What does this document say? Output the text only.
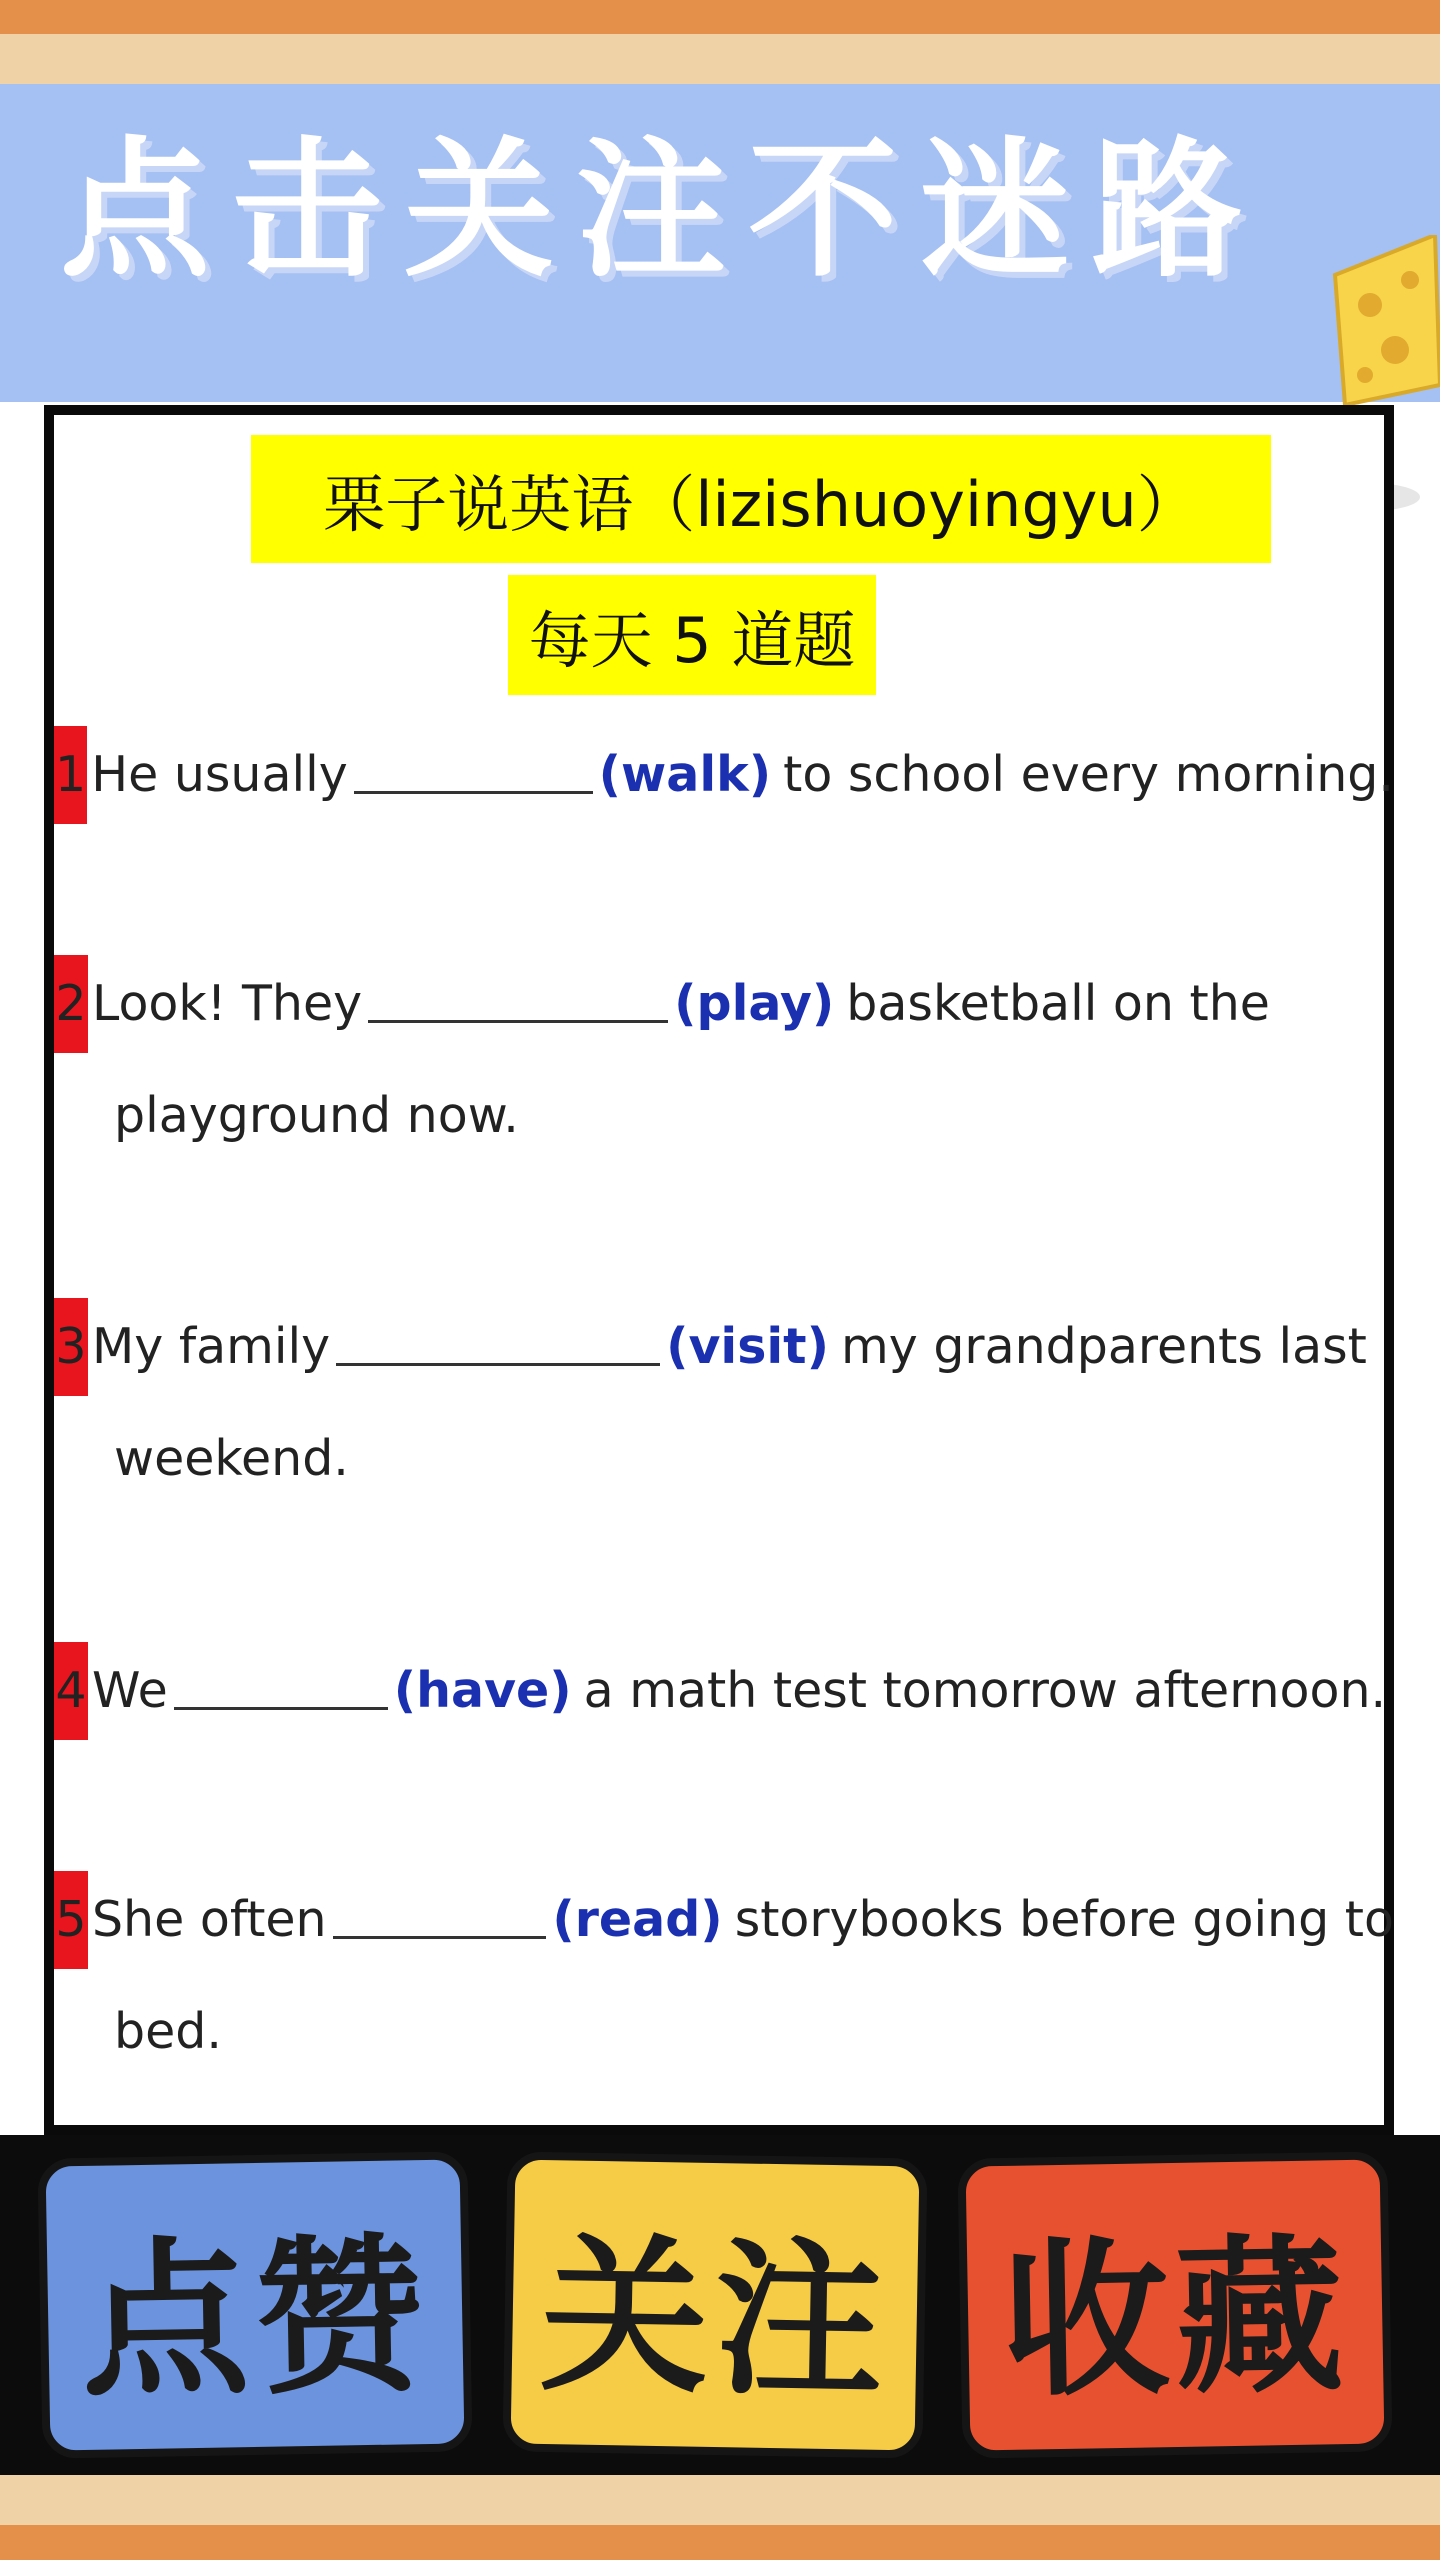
点击关注不迷路
栗子说英语（lizishuoyingyu）
每天 5 道题
1 He usually	(walk) to school every morning.
2 Look! They	(play) basketball on the
playground now.
3 My family	(visit) my grandparents last
weekend.
4 We	(have) a math test tomorrow afternoon.
5 She often	(read) storybooks before going to
bed.
点赞 关注 收藏
